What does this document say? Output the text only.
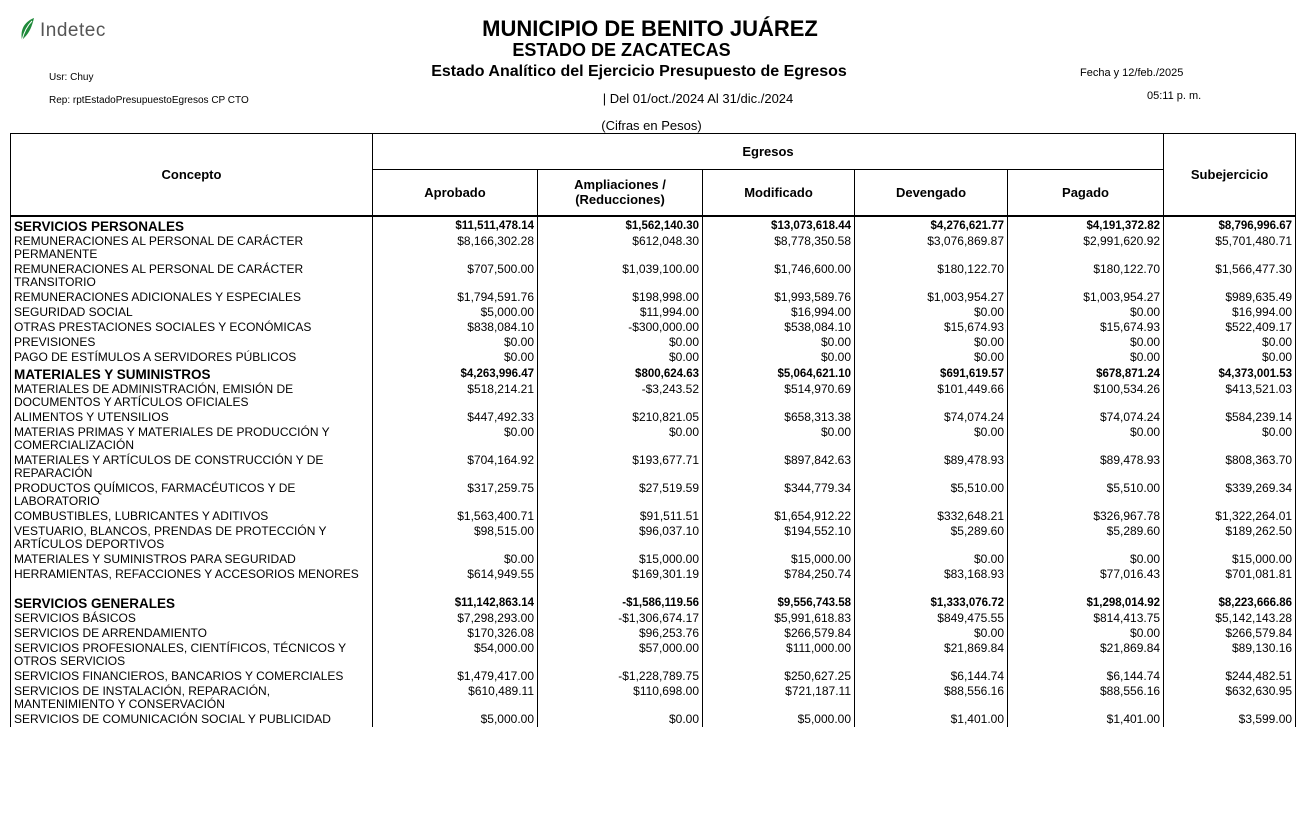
Indetec	MUNICIPIO DE BENITO JUÁREZ
ESTADO DE ZACATECAS
Estado Analítico del Ejercicio Presupuesto de Egresos
| Del 01/oct./2024 Al 31/dic./2024
(Cifras en Pesos)
Usr: Chuy
Rep: rptEstadoPresupuestoEgresos CP CTO
Fecha y 12/feb./2025
05:11 p. m.
Concepto	Egresos					Subejercicio
	Aprobado	Ampliaciones / (Reducciones)	Modificado	Devengado	Pagado	
SERVICIOS PERSONALES	$11,511,478.14	$1,562,140.30	$13,073,618.44	$4,276,621.77	$4,191,372.82	$8,796,996.67
REMUNERACIONES AL PERSONAL DE CARÁCTER PERMANENTE	$8,166,302.28	$612,048.30	$8,778,350.58	$3,076,869.87	$2,991,620.92	$5,701,480.71
REMUNERACIONES AL PERSONAL DE CARÁCTER TRANSITORIO	$707,500.00	$1,039,100.00	$1,746,600.00	$180,122.70	$180,122.70	$1,566,477.30
REMUNERACIONES ADICIONALES Y ESPECIALES	$1,794,591.76	$198,998.00	$1,993,589.76	$1,003,954.27	$1,003,954.27	$989,635.49
SEGURIDAD SOCIAL	$5,000.00	$11,994.00	$16,994.00	$0.00	$0.00	$16,994.00
OTRAS PRESTACIONES SOCIALES Y ECONÓMICAS	$838,084.10	-$300,000.00	$538,084.10	$15,674.93	$15,674.93	$522,409.17
PREVISIONES	$0.00	$0.00	$0.00	$0.00	$0.00	$0.00
PAGO DE ESTÍMULOS A SERVIDORES PÚBLICOS	$0.00	$0.00	$0.00	$0.00	$0.00	$0.00
MATERIALES Y SUMINISTROS	$4,263,996.47	$800,624.63	$5,064,621.10	$691,619.57	$678,871.24	$4,373,001.53
MATERIALES DE ADMINISTRACIÓN, EMISIÓN DE DOCUMENTOS Y ARTÍCULOS OFICIALES	$518,214.21	-$3,243.52	$514,970.69	$101,449.66	$100,534.26	$413,521.03
ALIMENTOS Y UTENSILIOS	$447,492.33	$210,821.05	$658,313.38	$74,074.24	$74,074.24	$584,239.14
MATERIAS PRIMAS Y MATERIALES DE PRODUCCIÓN Y COMERCIALIZACIÓN	$0.00	$0.00	$0.00	$0.00	$0.00	$0.00
MATERIALES Y ARTÍCULOS DE CONSTRUCCIÓN Y DE REPARACIÓN	$704,164.92	$193,677.71	$897,842.63	$89,478.93	$89,478.93	$808,363.70
PRODUCTOS QUÍMICOS, FARMACÉUTICOS Y DE LABORATORIO	$317,259.75	$27,519.59	$344,779.34	$5,510.00	$5,510.00	$339,269.34
COMBUSTIBLES, LUBRICANTES Y ADITIVOS	$1,563,400.71	$91,511.51	$1,654,912.22	$332,648.21	$326,967.78	$1,322,264.01
VESTUARIO, BLANCOS, PRENDAS DE PROTECCIÓN Y ARTÍCULOS DEPORTIVOS	$98,515.00	$96,037.10	$194,552.10	$5,289.60	$5,289.60	$189,262.50
MATERIALES Y SUMINISTROS PARA SEGURIDAD	$0.00	$15,000.00	$15,000.00	$0.00	$0.00	$15,000.00
HERRAMIENTAS, REFACCIONES Y ACCESORIOS MENORES	$614,949.55	$169,301.19	$784,250.74	$83,168.93	$77,016.43	$701,081.81

SERVICIOS GENERALES	$11,142,863.14	-$1,586,119.56	$9,556,743.58	$1,333,076.72	$1,298,014.92	$8,223,666.86
SERVICIOS BÁSICOS	$7,298,293.00	-$1,306,674.17	$5,991,618.83	$849,475.55	$814,413.75	$5,142,143.28
SERVICIOS DE ARRENDAMIENTO	$170,326.08	$96,253.76	$266,579.84	$0.00	$0.00	$266,579.84
SERVICIOS PROFESIONALES, CIENTÍFICOS, TÉCNICOS Y OTROS SERVICIOS	$54,000.00	$57,000.00	$111,000.00	$21,869.84	$21,869.84	$89,130.16
SERVICIOS FINANCIEROS, BANCARIOS Y COMERCIALES	$1,479,417.00	-$1,228,789.75	$250,627.25	$6,144.74	$6,144.74	$244,482.51
SERVICIOS DE INSTALACIÓN, REPARACIÓN, MANTENIMIENTO Y CONSERVACIÓN	$610,489.11	$110,698.00	$721,187.11	$88,556.16	$88,556.16	$632,630.95
SERVICIOS DE COMUNICACIÓN SOCIAL Y PUBLICIDAD	$5,000.00	$0.00	$5,000.00	$1,401.00	$1,401.00	$3,599.00
